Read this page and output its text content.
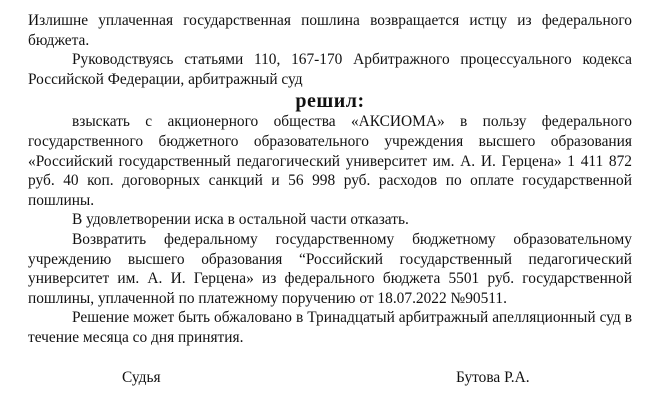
Излишне уплаченная государственная пошлина возвращается истцу из федерального бюджета.

Руководствуясь статьями 110, 167-170 Арбитражного процессуального кодекса Российской Федерации, арбитражный суд

решил:

взыскать с акционерного общества «АКСИОМА» в пользу федерального государственного бюджетного образовательного учреждения высшего образования «Российский государственный педагогический университет им. А. И. Герцена» 1 411 872 руб. 40 коп. договорных санкций и 56 998 руб. расходов по оплате государственной пошлины.

В удовлетворении иска в остальной части отказать.

Возвратить федеральному государственному бюджетному образовательному учреждению высшего образования “Российский государственный педагогический университет им. А. И. Герцена» из федерального бюджета 5501 руб. государственной пошлины, уплаченной по платежному поручению от 18.07.2022 №90511.

Решение может быть обжаловано в Тринадцатый арбитражный апелляционный суд в течение месяца со дня принятия.

Судья	Бутова Р.А.
